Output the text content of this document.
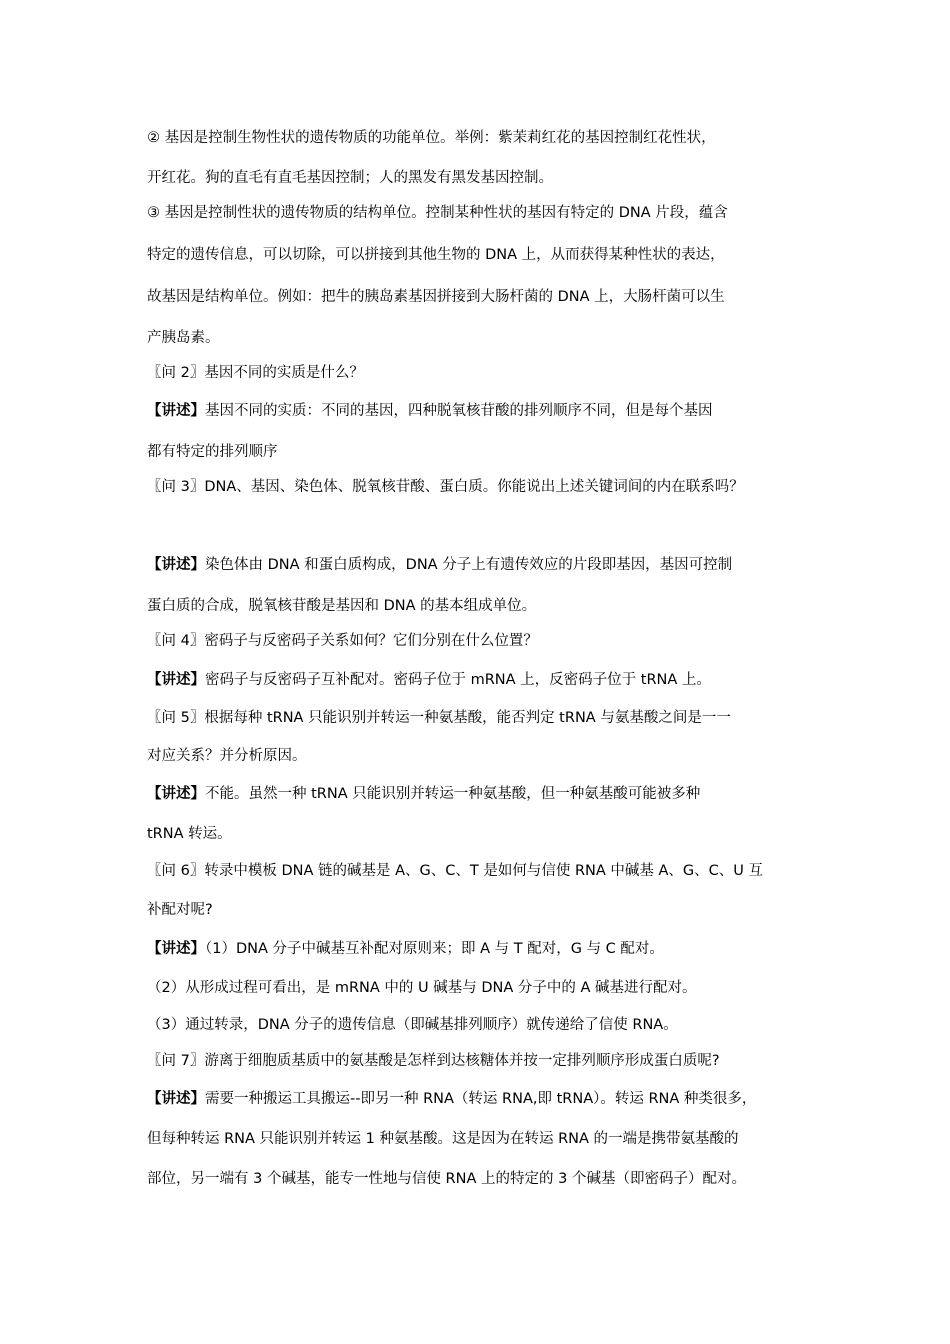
② 基因是控制生物性状的遗传物质的功能单位。举例：紫茉莉红花的基因控制红花性状，
开红花。狗的直毛有直毛基因控制；人的黑发有黑发基因控制。
③ 基因是控制性状的遗传物质的结构单位。控制某种性状的基因有特定的 DNA 片段，蕴含
特定的遗传信息，可以切除，可以拼接到其他生物的 DNA 上，从而获得某种性状的表达，
故基因是结构单位。例如：把牛的胰岛素基因拼接到大肠杆菌的 DNA 上，大肠杆菌可以生
产胰岛素。
〖问 2〗基因不同的实质是什么？
【讲述】基因不同的实质：不同的基因，四种脱氧核苷酸的排列顺序不同，但是每个基因
都有特定的排列顺序
〖问 3〗DNA、基因、染色体、脱氧核苷酸、蛋白质。你能说出上述关键词间的内在联系吗？
【讲述】染色体由 DNA 和蛋白质构成，DNA 分子上有遗传效应的片段即基因，基因可控制
蛋白质的合成，脱氧核苷酸是基因和 DNA 的基本组成单位。
〖问 4〗密码子与反密码子关系如何？它们分别在什么位置？
【讲述】密码子与反密码子互补配对。密码子位于 mRNA 上，反密码子位于 tRNA 上。
〖问 5〗根据每种 tRNA 只能识别并转运一种氨基酸，能否判定 tRNA 与氨基酸之间是一一
对应关系？并分析原因。
【讲述】不能。虽然一种 tRNA 只能识别并转运一种氨基酸，但一种氨基酸可能被多种
tRNA 转运。
〖问 6〗转录中模板 DNA 链的碱基是 A、G、C、T 是如何与信使 RNA 中碱基 A、G、C、U 互
补配对呢?
【讲述】（1）DNA 分子中碱基互补配对原则来；即 A 与 T 配对，G 与 C 配对。
（2）从形成过程可看出，是 mRNA 中的 U 碱基与 DNA 分子中的 A 碱基进行配对。
（3）通过转录，DNA 分子的遗传信息（即碱基排列顺序）就传递给了信使 RNA。
〖问 7〗游离于细胞质基质中的氨基酸是怎样到达核糖体并按一定排列顺序形成蛋白质呢?
【讲述】需要一种搬运工具搬运--即另一种 RNA（转运 RNA,即 tRNA）。转运 RNA 种类很多，
但每种转运 RNA 只能识别并转运 1 种氨基酸。这是因为在转运 RNA 的一端是携带氨基酸的
部位，另一端有 3 个碱基，能专一性地与信使 RNA 上的特定的 3 个碱基（即密码子）配对。
